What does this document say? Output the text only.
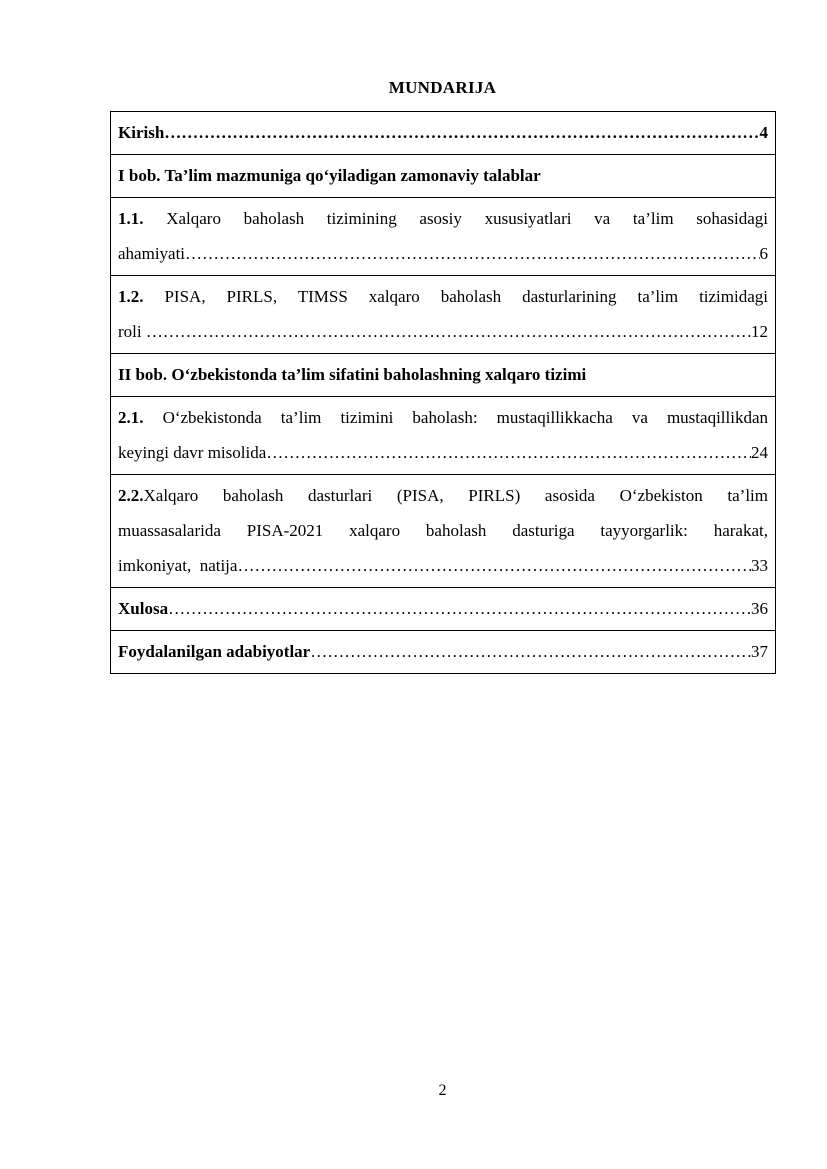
MUNDARIJA
Kirish ……………………………………………………………………………………………………………………………………	4

I bob. Ta’lim mazmuniga qo‘yiladigan zamonaviy talablar

1.1. Xalqaro baholash tizimining asosiy xususiyatlari va ta’lim sohasidagi
ahamiyati ……………………………………………………………………………………………………………………………………	6

1.2. PISA, PIRLS, TIMSS xalqaro baholash dasturlarining ta’lim tizimidagi
roli ……………………………………………………………………………………………………………………………………	12

II bob. O‘zbekistonda ta’lim sifatini baholashning xalqaro tizimi

2.1. O‘zbekistonda ta’lim tizimini baholash: mustaqillikkacha va mustaqillikdan
keyingi davr misolida ……………………………………………………………………………………………………………………………………	24

2.2.Xalqaro baholash dasturlari (PISA, PIRLS) asosida O‘zbekiston ta’lim
muassasalarida PISA-2021 xalqaro baholash dasturiga tayyorgarlik: harakat,
imkoniyat,  natija ……………………………………………………………………………………………………………………………………	33

Xulosa ……………………………………………………………………………………………………………………………………	36

Foydalanilgan adabiyotlar ……………………………………………………………………………………………………………………………………	37
2
